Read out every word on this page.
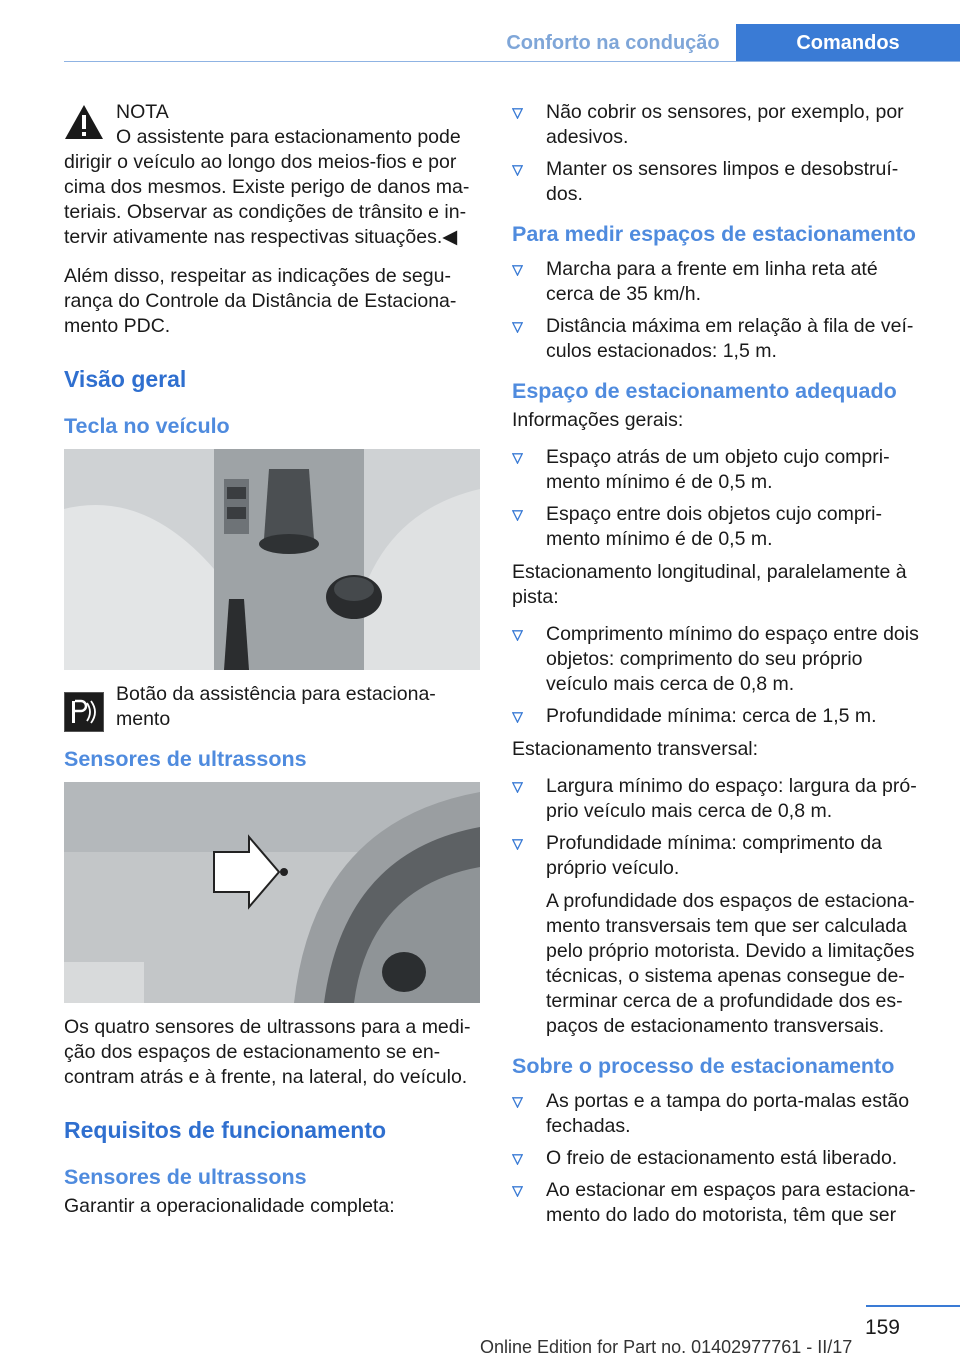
Conforto na condução	Comandos
NOTA
O assistente para estacionamento pode
dirigir o veículo ao longo dos meios-fios e por cima dos mesmos. Existe perigo de danos ma-teriais. Observar as condições de trânsito e in-tervir ativamente nas respectivas situações.◀

Além disso, respeitar as indicações de segu-rança do Controle da Distância de Estaciona-mento PDC.

Visão geral
Tecla no veículo
Botão da assistência para estaciona-mento
Sensores de ultrassons

Os quatro sensores de ultrassons para a medi-ção dos espaços de estacionamento se en-contram atrás e à frente, na lateral, do veículo.

Requisitos de funcionamento
Sensores de ultrassons

Garantir a operacionalidade completa:

Não cobrir os sensores, por exemplo, por adesivos.
Manter os sensores limpos e desobstruí-dos.
Para medir espaços de estacionamento
Marcha para a frente em linha reta até cerca de 35 km/h.
Distância máxima em relação à fila de veí-culos estacionados: 1,5 m.
Espaço de estacionamento adequado

Informações gerais:

Espaço atrás de um objeto cujo compri-mento mínimo é de 0,5 m.
Espaço entre dois objetos cujo compri-mento mínimo é de 0,5 m.

Estacionamento longitudinal, paralelamente à pista:

Comprimento mínimo do espaço entre dois objetos: comprimento do seu próprio veículo mais cerca de 0,8 m.
Profundidade mínima: cerca de 1,5 m.

Estacionamento transversal:

Largura mínimo do espaço: largura da pró-prio veículo mais cerca de 0,8 m.
Profundidade mínima: comprimento da próprio veículo.

A profundidade dos espaços de estaciona-mento transversais tem que ser calculada pelo próprio motorista. Devido a limitações técnicas, o sistema apenas consegue de-terminar cerca de a profundidade dos es-paços de estacionamento transversais.

Sobre o processo de estacionamento
As portas e a tampa do porta-malas estão fechadas.
O freio de estacionamento está liberado.
Ao estacionar em espaços para estaciona-mento do lado do motorista, têm que ser
159
Online Edition for Part no. 01402977761 - II/17
